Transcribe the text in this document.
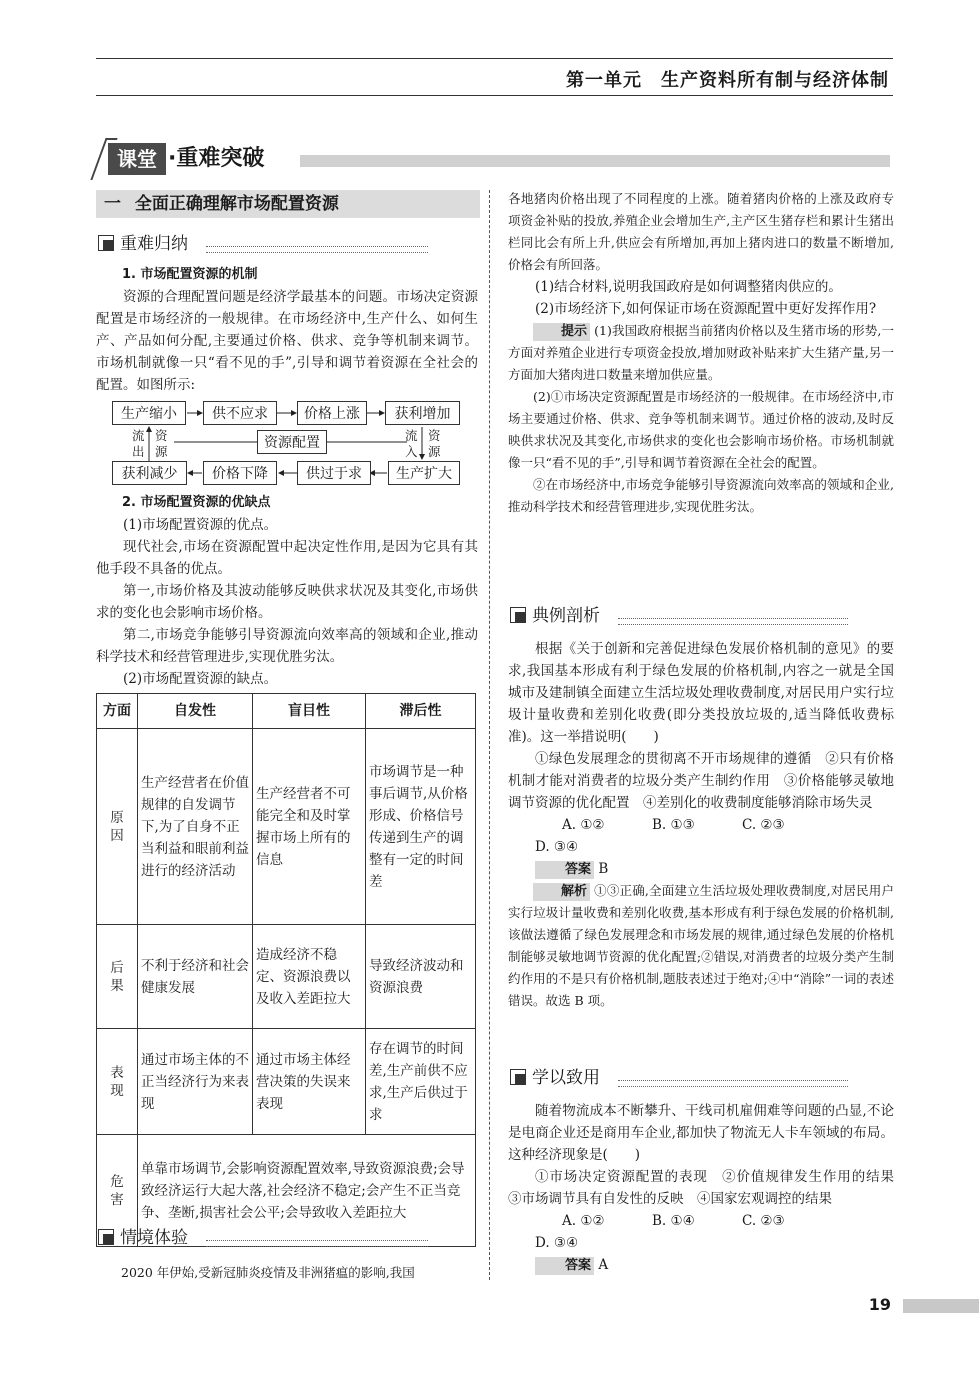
第一单元　生产资料所有制与经济体制
课堂 ·重难突破
一 全面正确理解市场配置资源
重难归纳

1. 市场配置资源的机制

资源的合理配置问题是经济学最基本的问题。市场决定资源配置是市场经济的一般规律。在市场经济中,生产什么、如何生产、产品如何分配,主要通过价格、供求、竞争等机制来调节。市场机制就像一只“看不见的手”,引导和调节着资源在全社会的配置。如图所示:

生产缩小	供不应求	价格上涨	获利增加
资源配置
流
出
资
源
流
入
资
源
获利减少	价格下降	供过于求	生产扩大

2. 市场配置资源的优缺点

(1)市场配置资源的优点。

现代社会,市场在资源配置中起决定性作用,是因为它具有其他手段不具备的优点。

第一,市场价格及其波动能够反映供求状况及其变化,市场供求的变化也会影响市场价格。

第二,市场竞争能够引导资源流向效率高的领域和企业,推动科学技术和经营管理进步,实现优胜劣汰。

(2)市场配置资源的缺点。

方面	自发性	盲目性	滞后性

原
因	生产经营者在价值规律的自发调节下,为了自身不正当利益和眼前利益进行的经济活动	生产经营者不可能完全和及时掌握市场上所有的信息	市场调节是一种事后调节,从价格形成、价格信号传递到生产的调整有一定的时间差

后
果	不利于经济和社会健康发展	造成经济不稳定、资源浪费以及收入差距拉大	导致经济波动和资源浪费

表
现	通过市场主体的不正当经济行为来表现	通过市场主体经营决策的失误来表现	存在调节的时间差,生产前供不应求,生产后供过于求

危
害	单靠市场调节,会影响资源配置效率,导致资源浪费;会导致经济运行大起大落,社会经济不稳定;会产生不正当竞争、垄断,损害社会公平;会导致收入差距拉大		
情境体验

2020 年伊始,受新冠肺炎疫情及非洲猪瘟的影响,我国

各地猪肉价格出现了不同程度的上涨。随着猪肉价格的上涨及政府专项资金补贴的投放,养殖企业会增加生产,主产区生猪存栏和累计生猪出栏同比会有所上升,供应会有所增加,再加上猪肉进口的数量不断增加,价格会有所回落。

(1)结合材料,说明我国政府是如何调整猪肉供应的。

(2)市场经济下,如何保证市场在资源配置中更好发挥作用?

提示 (1)我国政府根据当前猪肉价格以及生猪市场的形势,一方面对养殖企业进行专项资金投放,增加财政补贴来扩大生猪产量,另一方面加大猪肉进口数量来增加供应量。

(2)①市场决定资源配置是市场经济的一般规律。在市场经济中,市场主要通过价格、供求、竞争等机制来调节。通过价格的波动,及时反映供求状况及其变化,市场供求的变化也会影响市场价格。市场机制就像一只“看不见的手”,引导和调节着资源在全社会的配置。

②在市场经济中,市场竞争能够引导资源流向效率高的领域和企业,推动科学技术和经营管理进步,实现优胜劣汰。

典例剖析

根据《关于创新和完善促进绿色发展价格机制的意见》的要求,我国基本形成有利于绿色发展的价格机制,内容之一就是全国城市及建制镇全面建立生活垃圾处理收费制度,对居民用户实行垃圾计量收费和差别化收费(即分类投放垃圾的,适当降低收费标准)。这一举措说明(　　)

①绿色发展理念的贯彻离不开市场规律的遵循　②只有价格机制才能对消费者的垃圾分类产生制约作用　③价格能够灵敏地调节资源的优化配置　④差别化的收费制度能够消除市场失灵

A. ①②	B. ①③	C. ②③D. ③④

答案 B

解析 ①③正确,全面建立生活垃圾处理收费制度,对居民用户实行垃圾计量收费和差别化收费,基本形成有利于绿色发展的价格机制,该做法遵循了绿色发展理念和市场发展的规律,通过绿色发展的价格机制能够灵敏地调节资源的优化配置;②错误,对消费者的垃圾分类产生制约作用的不是只有价格机制,题肢表述过于绝对;④中“消除”一词的表述错误。故选 B 项。

学以致用

随着物流成本不断攀升、干线司机雇佣难等问题的凸显,不论是电商企业还是商用车企业,都加快了物流无人卡车领域的布局。这种经济现象是(　　)

①市场决定资源配置的表现　②价值规律发生作用的结果　③市场调节具有自发性的反映　④国家宏观调控的结果

A. ①②	B. ①④	C. ②③D. ③④

答案 A

19
